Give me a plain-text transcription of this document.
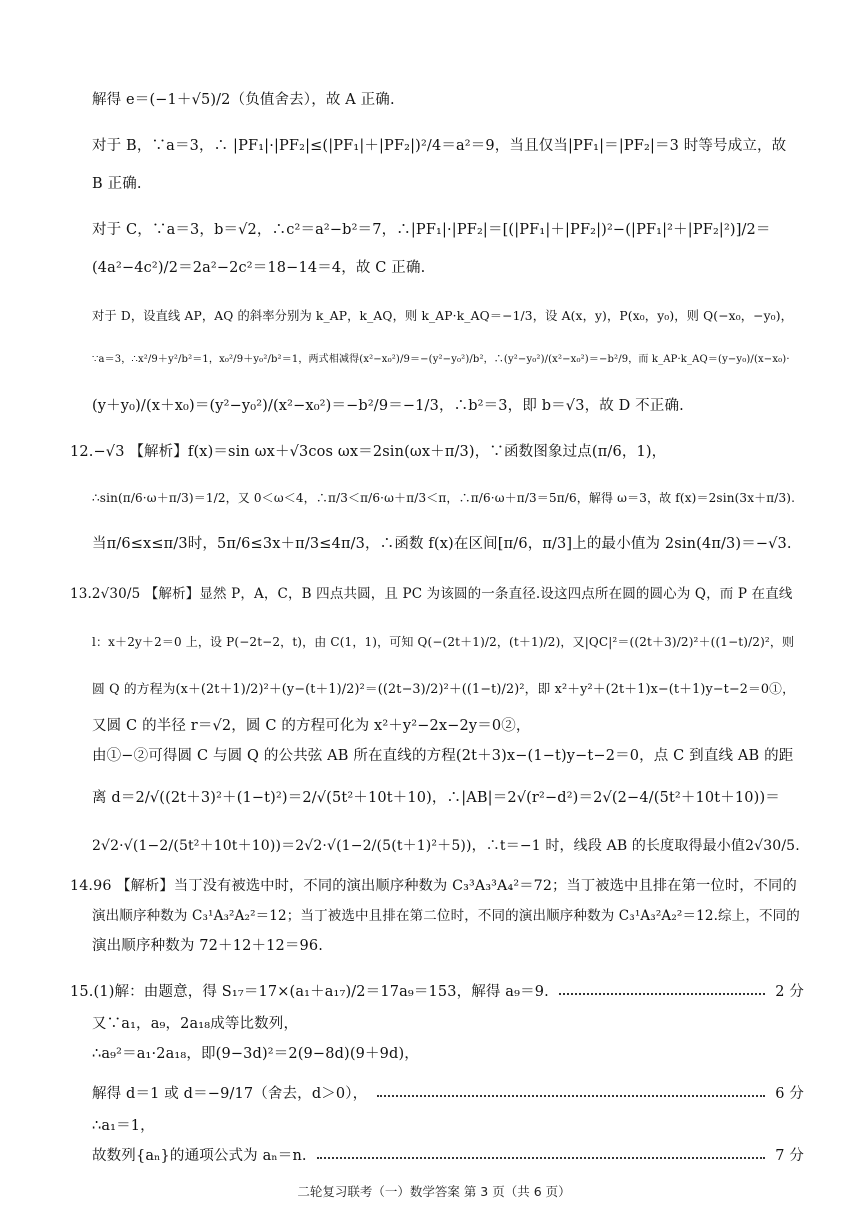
解得 e＝(−1＋√5)/2（负值舍去），故 A 正确.
对于 B，∵a＝3，∴ |PF₁|·|PF₂|≤(|PF₁|＋|PF₂|)²/4＝a²＝9，当且仅当|PF₁|＝|PF₂|＝3 时等号成立，故
B 正确.
对于 C，∵a＝3，b＝√2，∴c²＝a²−b²＝7，∴|PF₁|·|PF₂|＝[(|PF₁|＋|PF₂|)²−(|PF₁|²＋|PF₂|²)]/2＝
(4a²−4c²)/2＝2a²−2c²＝18−14＝4，故 C 正确.
对于 D，设直线 AP，AQ 的斜率分别为 k_AP，k_AQ，则 k_AP·k_AQ＝−1/3，设 A(x，y)，P(x₀，y₀)，则 Q(−x₀，−y₀)，
∵a＝3，∴x²/9＋y²/b²＝1，x₀²/9＋y₀²/b²＝1，两式相减得(x²−x₀²)/9＝−(y²−y₀²)/b²，∴(y²−y₀²)/(x²−x₀²)＝−b²/9，而 k_AP·k_AQ＝(y−y₀)/(x−x₀)·
(y＋y₀)/(x＋x₀)＝(y²−y₀²)/(x²−x₀²)＝−b²/9＝−1/3，∴b²＝3，即 b＝√3，故 D 不正确.
12.−√3 【解析】f(x)＝sin ωx＋√3cos ωx＝2sin(ωx＋π/3)，∵函数图象过点(π/6，1)，
∴sin(π/6·ω＋π/3)＝1/2，又 0＜ω＜4，∴π/3＜π/6·ω＋π/3＜π，∴π/6·ω＋π/3＝5π/6，解得 ω＝3，故 f(x)＝2sin(3x＋π/3).
当π/6≤x≤π/3时，5π/6≤3x＋π/3≤4π/3，∴函数 f(x)在区间[π/6，π/3]上的最小值为 2sin(4π/3)＝−√3.
13.2√30/5 【解析】显然 P，A，C，B 四点共圆，且 PC 为该圆的一条直径.设这四点所在圆的圆心为 Q，而 P 在直线
l：x＋2y＋2＝0 上，设 P(−2t−2，t)，由 C(1，1)，可知 Q(−(2t＋1)/2，(t＋1)/2)，又|QC|²＝((2t＋3)/2)²＋((1−t)/2)²，则
圆 Q 的方程为(x＋(2t＋1)/2)²＋(y−(t＋1)/2)²＝((2t−3)/2)²＋((1−t)/2)²，即 x²＋y²＋(2t＋1)x−(t＋1)y−t−2＝0①，
又圆 C 的半径 r＝√2，圆 C 的方程可化为 x²＋y²−2x−2y＝0②，
由①−②可得圆 C 与圆 Q 的公共弦 AB 所在直线的方程(2t＋3)x−(1−t)y−t−2＝0，点 C 到直线 AB 的距
离 d＝2/√((2t＋3)²＋(1−t)²)＝2/√(5t²＋10t＋10)，∴|AB|＝2√(r²−d²)＝2√(2−4/(5t²＋10t＋10))＝
2√2·√(1−2/(5t²＋10t＋10))＝2√2·√(1−2/(5(t＋1)²＋5))，∴t＝−1 时，线段 AB 的长度取得最小值2√30/5.
14.96 【解析】当丁没有被选中时，不同的演出顺序种数为 C₃³A₃³A₄²＝72；当丁被选中且排在第一位时，不同的
演出顺序种数为 C₃¹A₃²A₂²＝12；当丁被选中且排在第二位时，不同的演出顺序种数为 C₃¹A₃²A₂²＝12.综上，不同的
演出顺序种数为 72＋12＋12＝96.
15.(1)解：由题意，得 S₁₇＝17×(a₁＋a₁₇)/2＝17a₉＝153，解得 a₉＝9.	2 分
又∵a₁，a₉，2a₁₈成等比数列，
∴a₉²＝a₁·2a₁₈，即(9−3d)²＝2(9−8d)(9＋9d)，
解得 d＝1 或 d＝−9/17（舍去，d＞0），	6 分
∴a₁＝1，
故数列{aₙ}的通项公式为 aₙ＝n.	7 分
二轮复习联考（一）数学答案 第 3 页（共 6 页）
